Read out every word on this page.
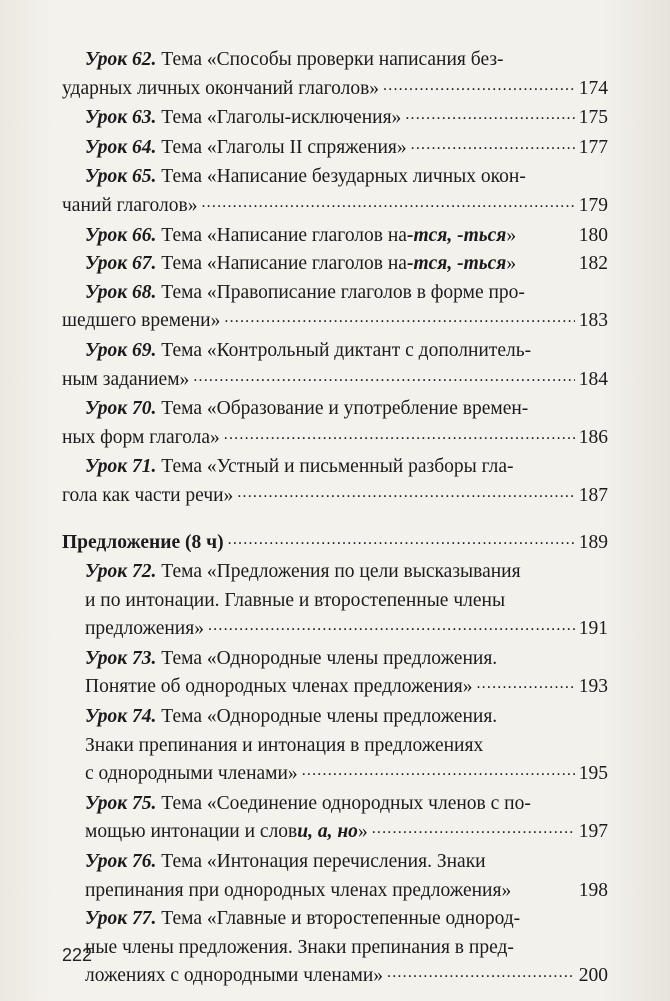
Урок 62.
Тема «Способы проверки написания без-
ударных личных окончаний глаголов» . . .	174
Урок 63.
Тема «Глаголы-исключения» . . .	175
Урок 64.
Тема «Глаголы II спряжения» . . .	177
Урок 65.
Тема «Написание безударных личных окон-
чаний глаголов» . . .	179
Урок 66.
Тема «Написание глаголов на -тся, -ться »	180
Урок 67.
Тема «Написание глаголов на -тся, -ться »	182
Урок 68.
Тема «Правописание глаголов в форме про-
шедшего времени» . . .	183
Урок 69.
Тема «Контрольный диктант с дополнитель-
ным заданием» . . .	184
Урок 70.
Тема «Образование и употребление времен-
ных форм глагола» . . .	186
Урок 71.
Тема «Устный и письменный разборы гла-
гола как части речи» . . .	187
Предложение (8 ч) . . .	189
Урок 72.
Тема «Предложения по цели высказывания
и по интонации. Главные и второстепенные члены
предложения» . . .	191
Урок 73.
Тема «Однородные члены предложения.
Понятие об однородных членах предложения» . . .	193
Урок 74.
Тема «Однородные члены предложения.
Знаки препинания и интонация в предложениях
с однородными членами» . . .	195
Урок 75.
Тема «Соединение однородных членов с по-
мощью интонации и слов и, а, но » . . .	197
Урок 76.
Тема «Интонация перечисления. Знаки
препинания при однородных членах предложения»	198
Урок 77.
Тема «Главные и второстепенные однород-
ные члены предложения. Знаки препинания в пред-
ложениях с однородными членами» . . .	200
222
